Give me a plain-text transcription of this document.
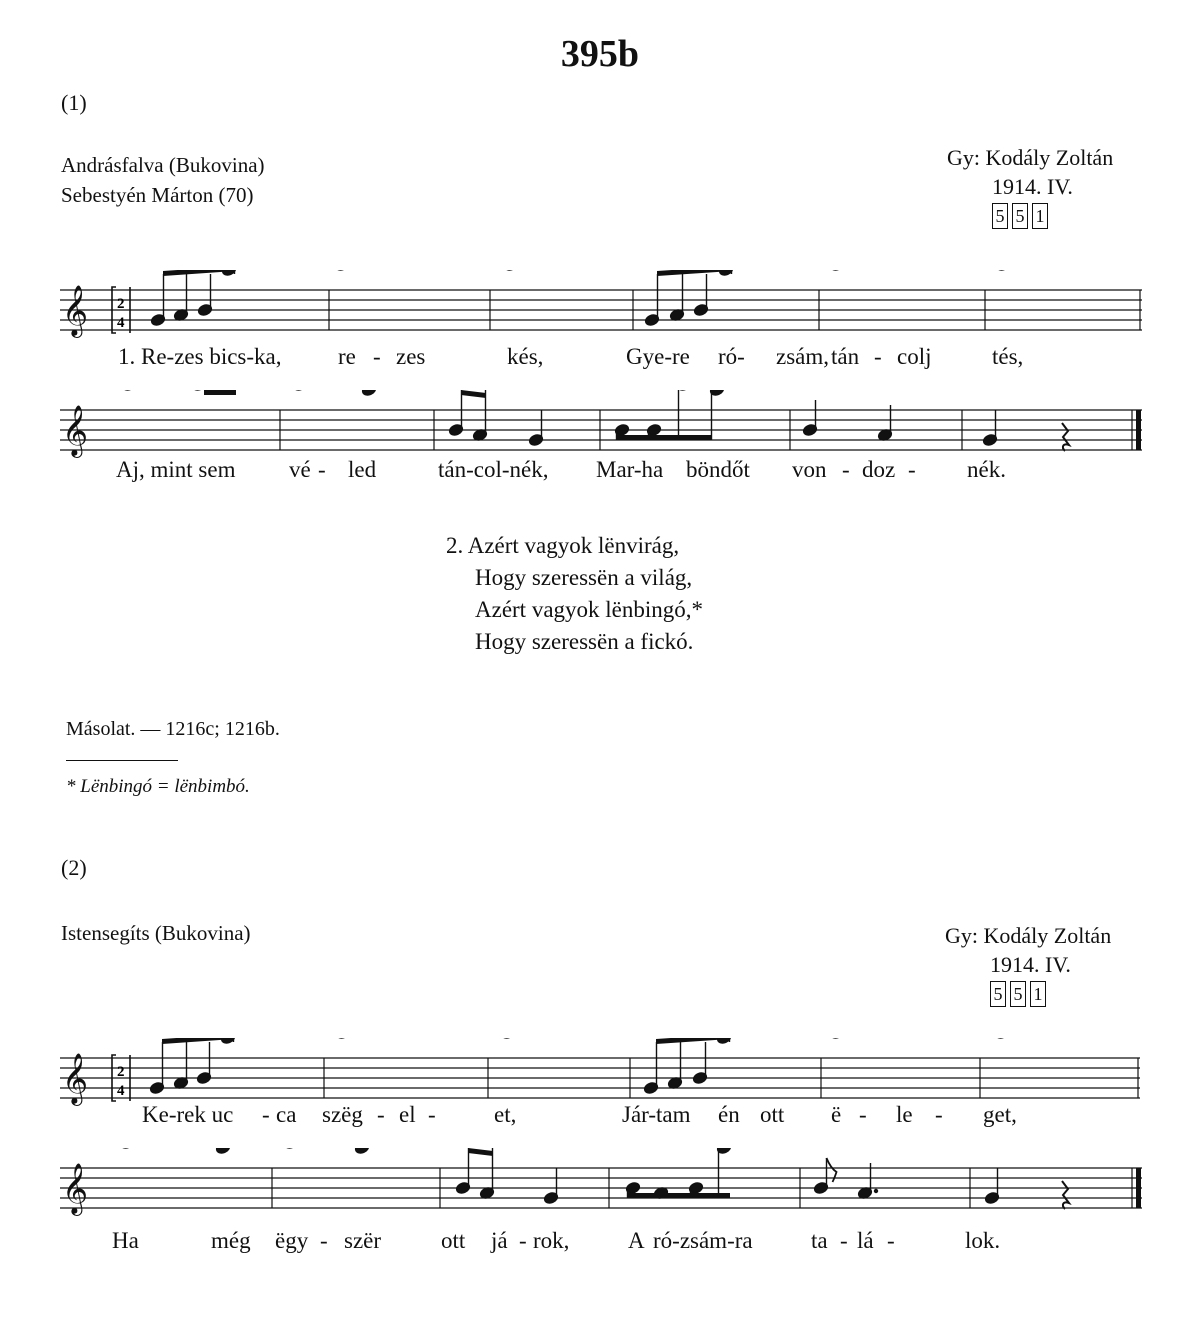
395b
(1)
Andrásfalva (Bukovina)
Sebestyén Márton (70)
Gy: Kodály Zoltán
1914. IV.
5 5 1
𝄞 2
4
1. Re-zes bics-ka, re - zes	kés,	Gye-re ró- zsám, tán - colj	tés,
𝄞
Aj, mint sem vé - led	tán-col-nék, Mar-ha böndőt von - doz - nék.
2. Azért vagyok lënvirág,
Hogy szeressën a világ,
Azért vagyok lënbingó,*
Hogy szeressën a fickó.
Másolat. — 1216c; 1216b.
* Lënbingó = lënbimbó.
(2)
Istensegíts (Bukovina)	Gy: Kodály Zoltán
1914. IV.
5 5 1
𝄞 2
4
Ke-rek uc - ca szëg - el -	et,	Jár-tam én ott ë - le - get,
𝄞
Ha	még ëgy - szër	ott já - rok,	A ró-zsám-ra	ta - lá -	lok.
